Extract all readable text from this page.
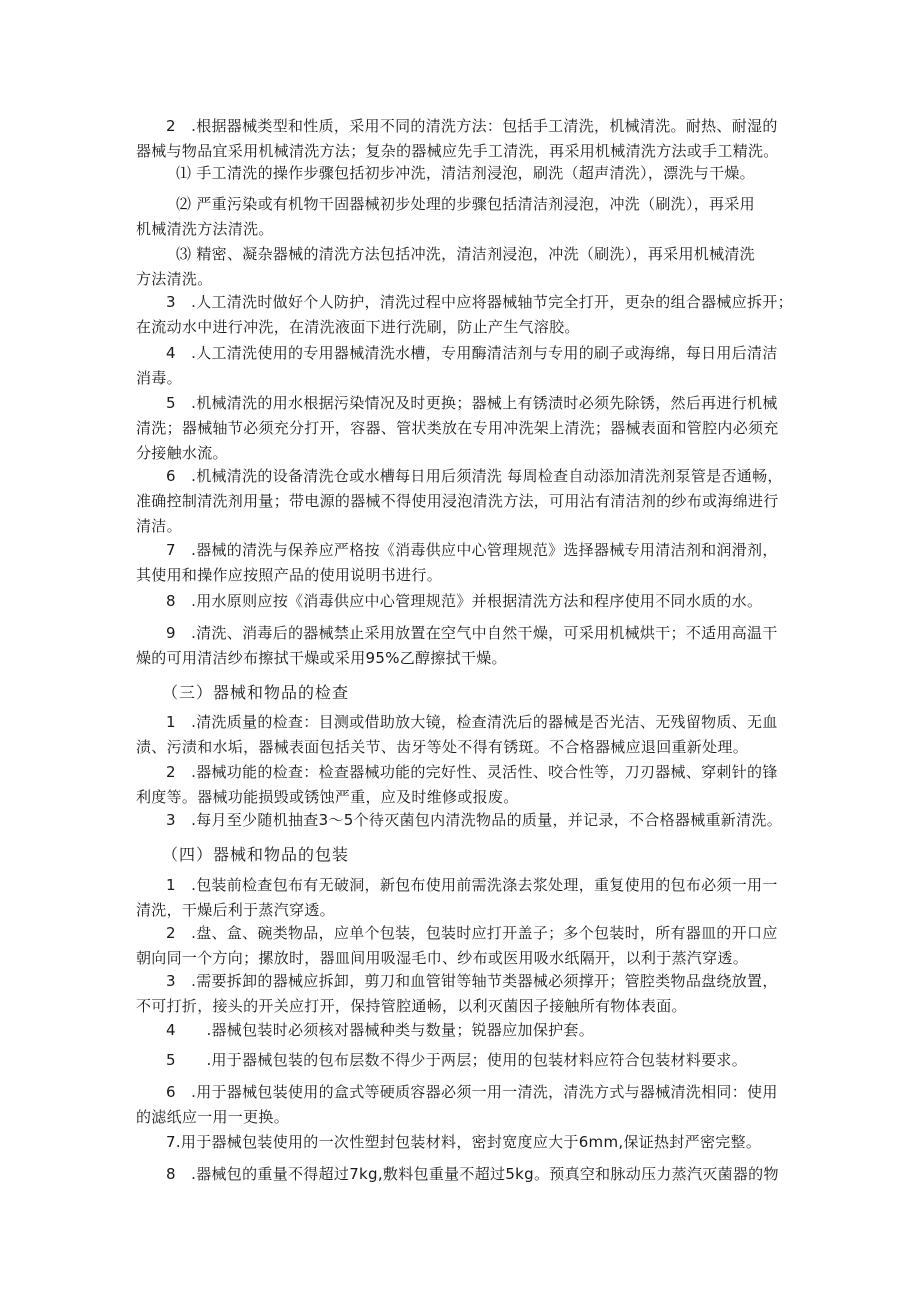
2　.根据器械类型和性质，采用不同的清洗方法：包括手工清洗，机械清洗。耐热、耐湿的
器械与物品宜采用机械清洗方法；复杂的器械应先手工清洗，再采用机械清洗方法或手工精洗。

⑴ 手工清洗的操作步骤包括初步冲洗，清洁剂浸泡，刷洗（超声清洗），漂洗与干燥。

⑵ 严重污染或有机物干固器械初步处理的步骤包括清洁剂浸泡，冲洗（刷洗），再采用
机械清洗方法清洗。

⑶ 精密、凝杂器械的清洗方法包括冲洗，清洁剂浸泡，冲洗（刷洗），再采用机械清洗
方法清洗。

3　.人工清洗时做好个人防护，清洗过程中应将器械轴节完全打开，更杂的组合器械应拆开；
在流动水中进行冲洗，在清洗液面下进行洗刷，防止产生气溶胶。

4　.人工清洗使用的专用器械清洗水槽，专用酶清洁剂与专用的刷子或海绵，每日用后清洁
消毒。

5　.机械清洗的用水根据污染情况及时更换；器械上有锈渍时必须先除锈，然后再进行机械
清洗；器械轴节必须充分打开，容器、管状类放在专用冲洗架上清洗；器械表面和管腔内必须充
分接触水流。

6　.机械清洗的设备清洗仓或水槽每日用后须清洗 每周检查自动添加清洗剂泵管是否通畅，
准确控制清洗剂用量；带电源的器械不得使用浸泡清洗方法，可用沾有清洁剂的纱布或海绵进行
清洁。

7　.器械的清洗与保养应严格按《消毒供应中心管理规范》选择器械专用清洁剂和润滑剂，
其使用和操作应按照产品的使用说明书进行。

8　.用水原则应按《消毒供应中心管理规范》并根据清洗方法和程序使用不同水质的水。

9　.清洗、消毒后的器械禁止采用放置在空气中自然干燥，可采用机械烘干；不适用高温干
燥的可用清洁纱布擦拭干燥或采用95%乙醇擦拭干燥。

（三）器械和物品的检查

1　.清洗质量的检查：目测或借助放大镜，检查清洗后的器械是否光洁、无残留物质、无血
渍、污渍和水垢，器械表面包括关节、齿牙等处不得有锈斑。不合格器械应退回重新处理。

2　.器械功能的检查：检查器械功能的完好性、灵活性、咬合性等，刀刃器械、穿刺针的锋
利度等。器械功能损毁或锈蚀严重，应及时维修或报废。

3　.每月至少随机抽查3〜5个待灭菌包内清洗物品的质量，并记录，不合格器械重新清洗。

（四）器械和物品的包装

1　.包装前检查包布有无破洞，新包布使用前需洗涤去浆处理，重复使用的包布必须一用一
清洗，干燥后利于蒸汽穿透。

2　.盘、盒、碗类物品，应单个包装，包装时应打开盖子；多个包装时，所有器皿的开口应
朝向同一个方向；摞放时，器皿间用吸湿毛巾、纱布或医用吸水纸隔开，以利于蒸汽穿透。

3　.需要拆卸的器械应拆卸，剪刀和血管钳等轴节类器械必须撑开；管腔类物品盘绕放置，
不可打折，接头的开关应打开，保持管腔通畅，以利灭菌因子接触所有物体表面。

4　　.器械包装时必须核对器械种类与数量；锐器应加保护套。

5　　.用于器械包装的包布层数不得少于两层；使用的包装材料应符合包装材料要求。

6　.用于器械包装使用的盒式等硬质容器必须一用一清洗，清洗方式与器械清洗相同：使用
的滤纸应一用一更换。

7.用于器械包装使用的一次性塑封包装材料，密封宽度应大于6mm,保证热封严密完整。

8　.器械包的重量不得超过7kg,敷料包重量不超过5kg。预真空和脉动压力蒸汽灭菌器的物
